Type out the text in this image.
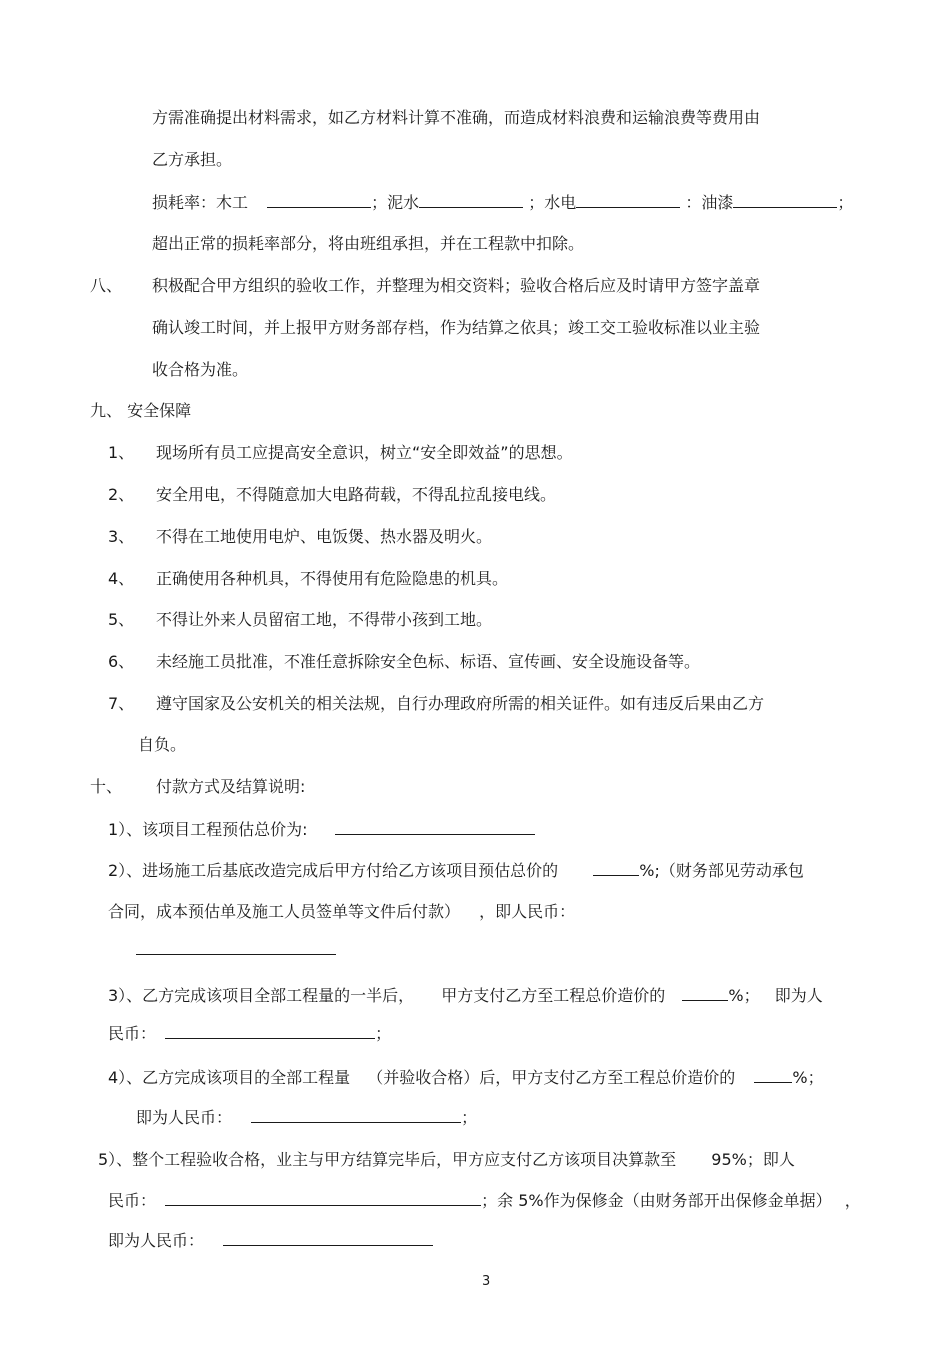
方需准确提出材料需求，如乙方材料计算不准确，而造成材料浪费和运输浪费等费用由
乙方承担。
损耗率：木工	；泥水	；水电	：油漆	；
超出正常的损耗率部分，将由班组承担，并在工程款中扣除。
八、 积极配合甲方组织的验收工作，并整理为相交资料；验收合格后应及时请甲方签字盖章
确认竣工时间，并上报甲方财务部存档，作为结算之依具；竣工交工验收标准以业主验
收合格为准。
九、 安全保障
1、 现场所有员工应提高安全意识，树立“安全即效益”的思想。
2、 安全用电，不得随意加大电路荷载，不得乱拉乱接电线。
3、 不得在工地使用电炉、电饭煲、热水器及明火。
4、 正确使用各种机具，不得使用有危险隐患的机具。
5、 不得让外来人员留宿工地，不得带小孩到工地。
6、 未经施工员批准，不准任意拆除安全色标、标语、宣传画、安全设施设备等。
7、 遵守国家及公安机关的相关法规，自行办理政府所需的相关证件。如有违反后果由乙方
自负。
十、 付款方式及结算说明:
1）、该项目工程预估总价为:
2）、进场施工后基底改造完成后甲方付给乙方该项目预估总价的	%;（财务部见劳动承包
合同，成本预估单及施工人员签单等文件后付款） ，即人民币：
3）、乙方完成该项目全部工程量的一半后， 甲方支付乙方至工程总价造价的	%； 即为人
民币：	；
4）、乙方完成该项目的全部工程量 （并验收合格）后，甲方支付乙方至工程总价造价的	%；
即为人民币：	；
5）、整个工程验收合格，业主与甲方结算完毕后，甲方应支付乙方该项目决算款至 95%；即人
民币：	；余 5%作为保修金（由财务部开出保修金单据） ，
即为人民币：
3
